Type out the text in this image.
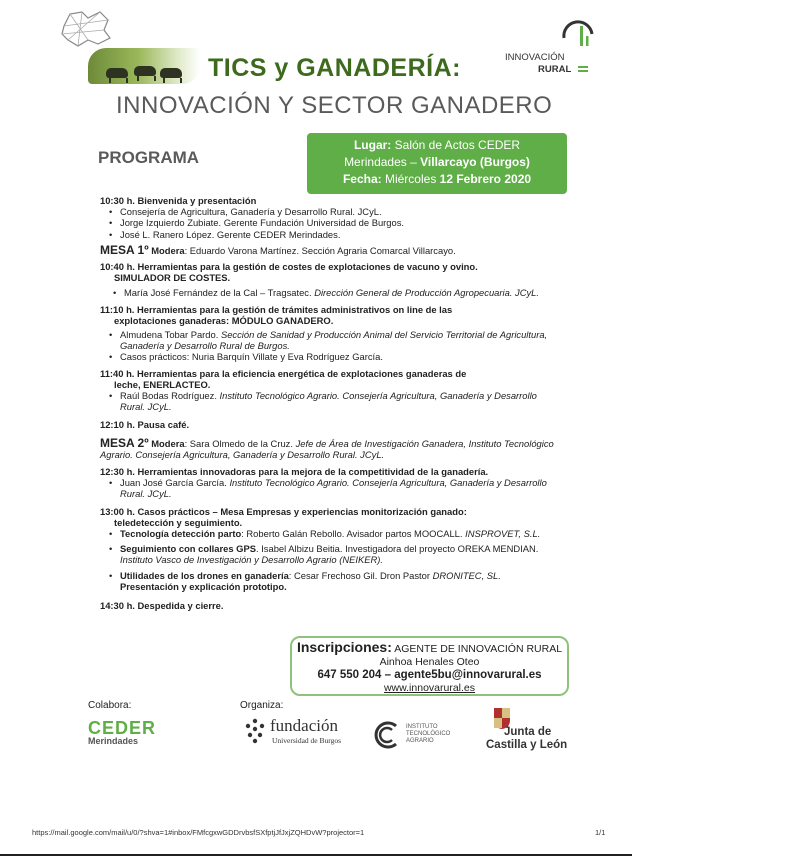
INNOVACIÓN
RURAL
TICS y GANADERÍA:
INNOVACIÓN Y SECTOR GANADERO
PROGRAMA
Lugar: Salón de Actos CEDER
Merindades – Villarcayo (Burgos)
Fecha: Miércoles 12 Febrero 2020
10:30 h. Bienvenida y presentación
• Consejería de Agricultura, Ganadería y Desarrollo Rural. JCyL.
• Jorge Izquierdo Zubiate. Gerente Fundación Universidad de Burgos.
• José L. Ranero López. Gerente CEDER Merindades.
MESA 1º Modera: Eduardo Varona Martínez. Sección Agraria Comarcal Villarcayo.
10:40 h. Herramientas para la gestión de costes de explotaciones de vacuno y ovino.
SIMULADOR DE COSTES.
• María José Fernández de la Cal – Tragsatec. Dirección General de Producción Agropecuaria. JCyL.
11:10 h. Herramientas para la gestión de trámites administrativos on line de las
explotaciones ganaderas: MÓDULO GANADERO.
• Almudena Tobar Pardo. Sección de Sanidad y Producción Animal del Servicio Territorial de Agricultura, Ganadería y Desarrollo Rural de Burgos.
• Casos prácticos: Nuria Barquín Villate y Eva Rodríguez García.
11:40 h. Herramientas para la eficiencia energética de explotaciones ganaderas de
leche, ENERLACTEO.
• Raúl Bodas Rodríguez. Instituto Tecnológico Agrario. Consejería Agricultura, Ganadería y Desarrollo Rural. JCyL.
12:10 h. Pausa café.
MESA 2º Modera: Sara Olmedo de la Cruz. Jefe de Área de Investigación Ganadera, Instituto Tecnológico Agrario. Consejería Agricultura, Ganadería y Desarrollo Rural. JCyL.
12:30 h. Herramientas innovadoras para la mejora de la competitividad de la ganadería.
• Juan José García García. Instituto Tecnológico Agrario. Consejería Agricultura, Ganadería y Desarrollo Rural. JCyL.
13:00 h. Casos prácticos – Mesa Empresas y experiencias monitorización ganado:
teledetección y seguimiento.
• Tecnología detección parto: Roberto Galán Rebollo. Avisador partos MOOCALL. INSPROVET, S.L.
• Seguimiento con collares GPS. Isabel Albizu Beitia. Investigadora del proyecto OREKA MENDIAN. Instituto Vasco de Investigación y Desarrollo Agrario (NEIKER).
• Utilidades de los drones en ganadería: Cesar Frechoso Gil. Dron Pastor DRONITEC, SL.
Presentación y explicación prototipo.
14:30 h. Despedida y cierre.
Inscripciones: AGENTE DE INNOVACIÓN RURAL
Ainhoa Henales Oteo
647 550 204 – agente5bu@innovarural.es
www.innovarural.es
Colabora:	Organiza:
CEDER
Merindades
fundación
Universidad de Burgos
INSTITUTO
TECNOLÓGICO
AGRARIO
Junta de
Castilla y León
https://mail.google.com/mail/u/0/?shva=1#inbox/FMfcgxwGDDrvbsfSXfptjJfJxjZQHDvW?projector=1	1/1
